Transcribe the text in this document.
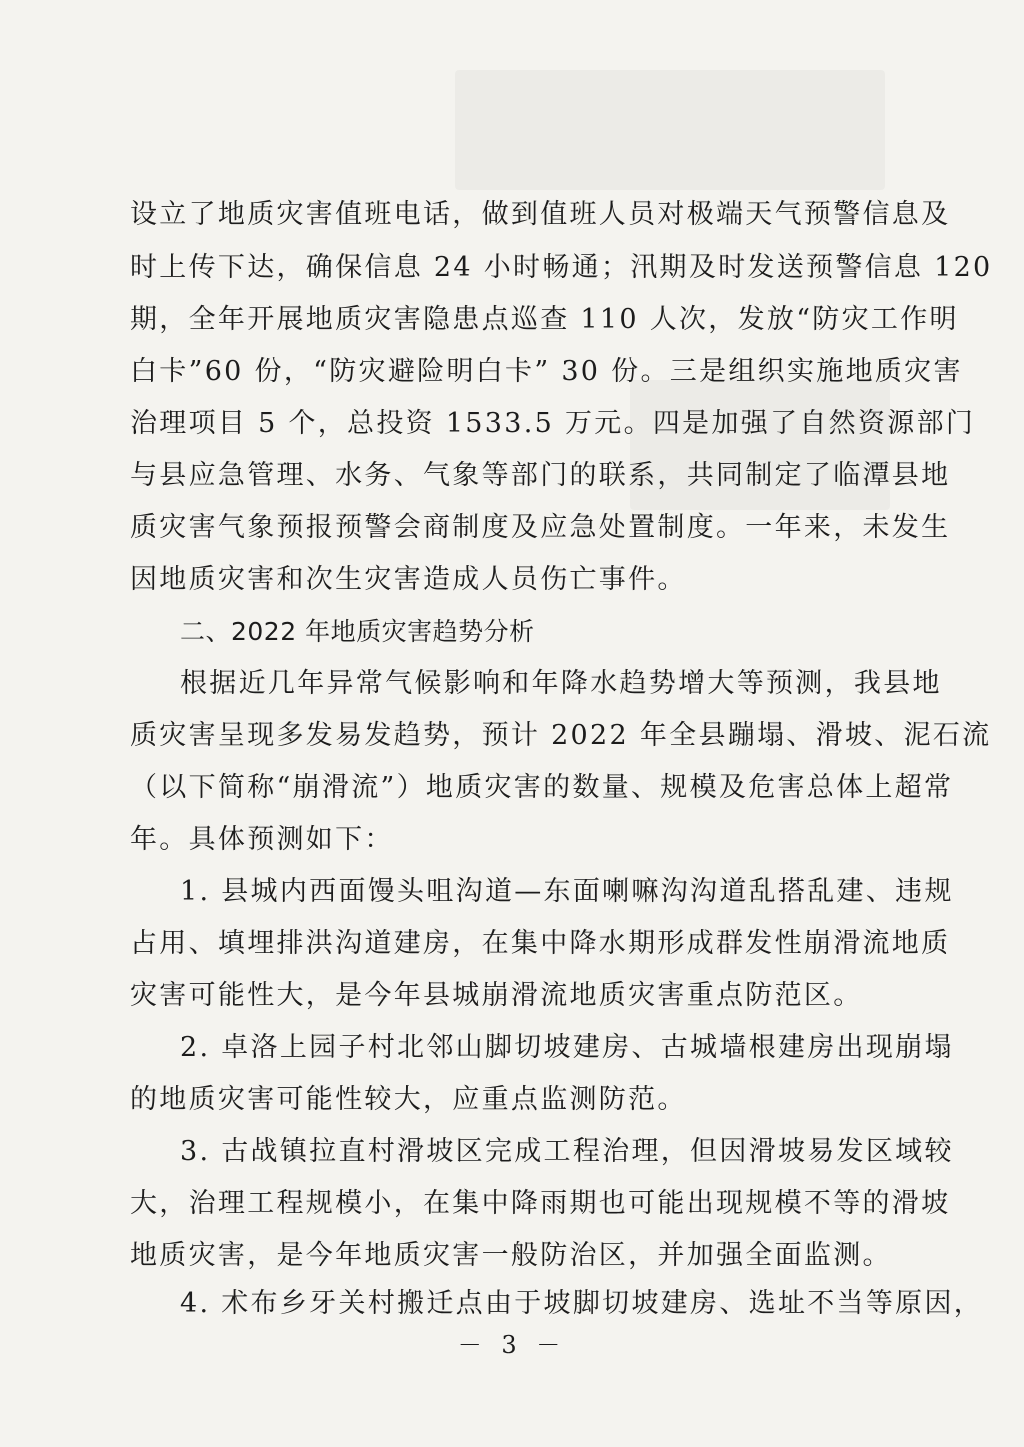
设立了地质灾害值班电话，做到值班人员对极端天气预警信息及
时上传下达，确保信息 24 小时畅通；汛期及时发送预警信息 120
期，全年开展地质灾害隐患点巡查 110 人次，发放“防灾工作明
白卡”60 份，“防灾避险明白卡” 30 份。三是组织实施地质灾害
治理项目 5 个，总投资 1533.5 万元。四是加强了自然资源部门
与县应急管理、水务、气象等部门的联系，共同制定了临潭县地
质灾害气象预报预警会商制度及应急处置制度。一年来，未发生
因地质灾害和次生灾害造成人员伤亡事件。
二、2022 年地质灾害趋势分析
根据近几年异常气候影响和年降水趋势增大等预测，我县地
质灾害呈现多发易发趋势，预计 2022 年全县蹦塌、滑坡、泥石流
（以下简称“崩滑流”）地质灾害的数量、规模及危害总体上超常
年。具体预测如下：
1. 县城内西面馒头咀沟道—东面喇嘛沟沟道乱搭乱建、违规
占用、填埋排洪沟道建房，在集中降水期形成群发性崩滑流地质
灾害可能性大，是今年县城崩滑流地质灾害重点防范区。
2. 卓洛上园子村北邻山脚切坡建房、古城墙根建房出现崩塌
的地质灾害可能性较大，应重点监测防范。
3. 古战镇拉直村滑坡区完成工程治理，但因滑坡易发区域较
大，治理工程规模小，在集中降雨期也可能出现规模不等的滑坡
地质灾害，是今年地质灾害一般防治区，并加强全面监测。
4. 术布乡牙关村搬迁点由于坡脚切坡建房、选址不当等原因，
－ 3 －
